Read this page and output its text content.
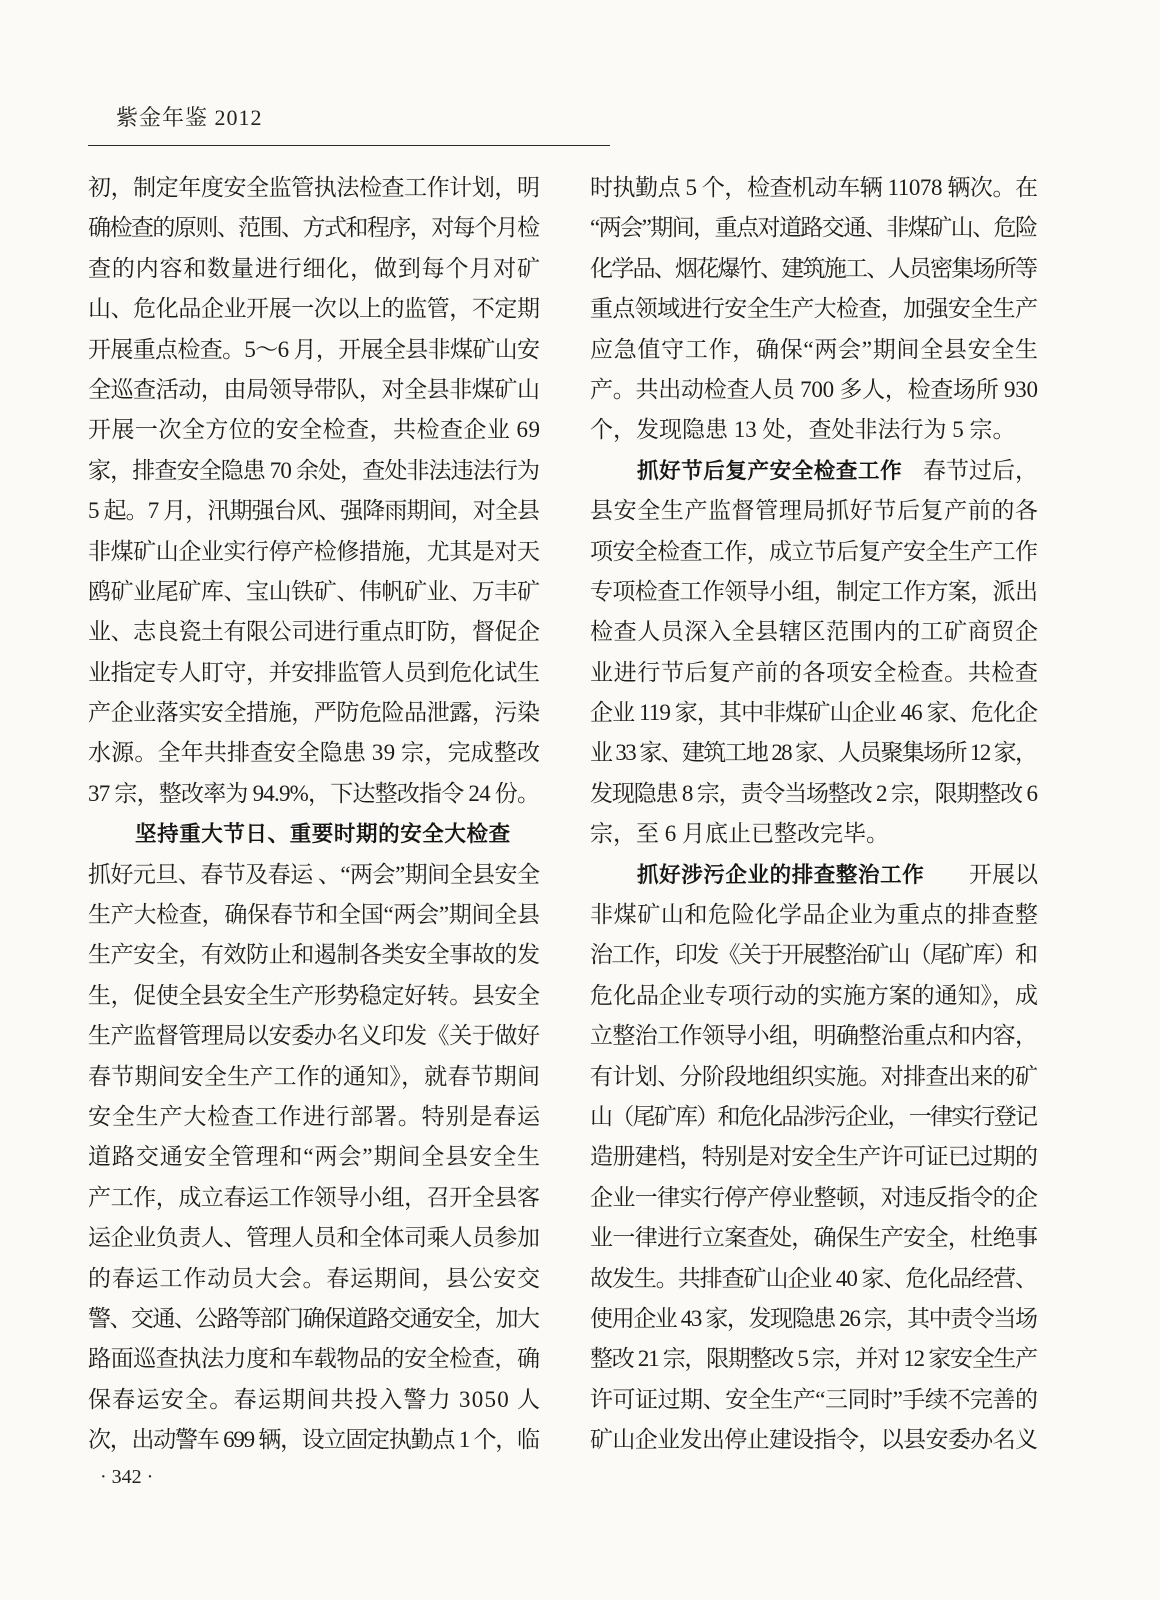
紫金年鉴 2012
初，制定年度安全监管执法检查工作计划，明
确检查的原则、范围、方式和程序，对每个月检
查的内容和数量进行细化，做到每个月对矿
山、危化品企业开展一次以上的监管，不定期
开展重点检查。5～6 月，开展全县非煤矿山安
全巡查活动，由局领导带队，对全县非煤矿山
开展一次全方位的安全检查，共检查企业 69
家，排查安全隐患 70 余处，查处非法违法行为
5 起。7 月，汛期强台风、强降雨期间，对全县
非煤矿山企业实行停产检修措施，尤其是对天
鸥矿业尾矿库、宝山铁矿、伟帆矿业、万丰矿
业、志良瓷土有限公司进行重点盯防，督促企
业指定专人盯守，并安排监管人员到危化试生
产企业落实安全措施，严防危险品泄露，污染
水源。全年共排查安全隐患 39 宗，完成整改
37 宗，整改率为 94.9%，下达整改指令 24 份。
坚持重大节日、重要时期的安全大检查
抓好元旦、春节及春运 、“两会”期间全县安全
生产大检查，确保春节和全国“两会”期间全县
生产安全，有效防止和遏制各类安全事故的发
生，促使全县安全生产形势稳定好转。县安全
生产监督管理局以安委办名义印发《关于做好
春节期间安全生产工作的通知》，就春节期间
安全生产大检查工作进行部署。特别是春运
道路交通安全管理和“两会”期间全县安全生
产工作，成立春运工作领导小组，召开全县客
运企业负责人、管理人员和全体司乘人员参加
的春运工作动员大会。春运期间，县公安交
警、交通、公路等部门确保道路交通安全，加大
路面巡查执法力度和车载物品的安全检查，确
保春运安全。春运期间共投入警力 3050 人
次，出动警车 699 辆，设立固定执勤点 1 个，临
时执勤点 5 个，检查机动车辆 11078 辆次。在
“两会”期间，重点对道路交通、非煤矿山、危险
化学品、烟花爆竹、建筑施工、人员密集场所等
重点领域进行安全生产大检查，加强安全生产
应急值守工作，确保“两会”期间全县安全生
产。共出动检查人员 700 多人，检查场所 930
个，发现隐患 13 处，查处非法行为 5 宗。
抓好节后复产安全检查工作 春节过后，
县安全生产监督管理局抓好节后复产前的各
项安全检查工作，成立节后复产安全生产工作
专项检查工作领导小组，制定工作方案，派出
检查人员深入全县辖区范围内的工矿商贸企
业进行节后复产前的各项安全检查。共检查
企业 119 家，其中非煤矿山企业 46 家、危化企
业 33 家、建筑工地 28 家、人员聚集场所 12 家，
发现隐患 8 宗，责令当场整改 2 宗，限期整改 6
宗，至 6 月底止已整改完毕。
抓好涉污企业的排查整治工作 开展以
非煤矿山和危险化学品企业为重点的排查整
治工作，印发《关于开展整治矿山（尾矿库）和
危化品企业专项行动的实施方案的通知》，成
立整治工作领导小组，明确整治重点和内容，
有计划、分阶段地组织实施。对排查出来的矿
山（尾矿库）和危化品涉污企业，一律实行登记
造册建档，特别是对安全生产许可证已过期的
企业一律实行停产停业整顿，对违反指令的企
业一律进行立案查处，确保生产安全，杜绝事
故发生。共排查矿山企业 40 家、危化品经营、
使用企业 43 家，发现隐患 26 宗，其中责令当场
整改 21 宗，限期整改 5 宗，并对 12 家安全生产
许可证过期、安全生产“三同时”手续不完善的
矿山企业发出停止建设指令，以县安委办名义
· 342 ·
